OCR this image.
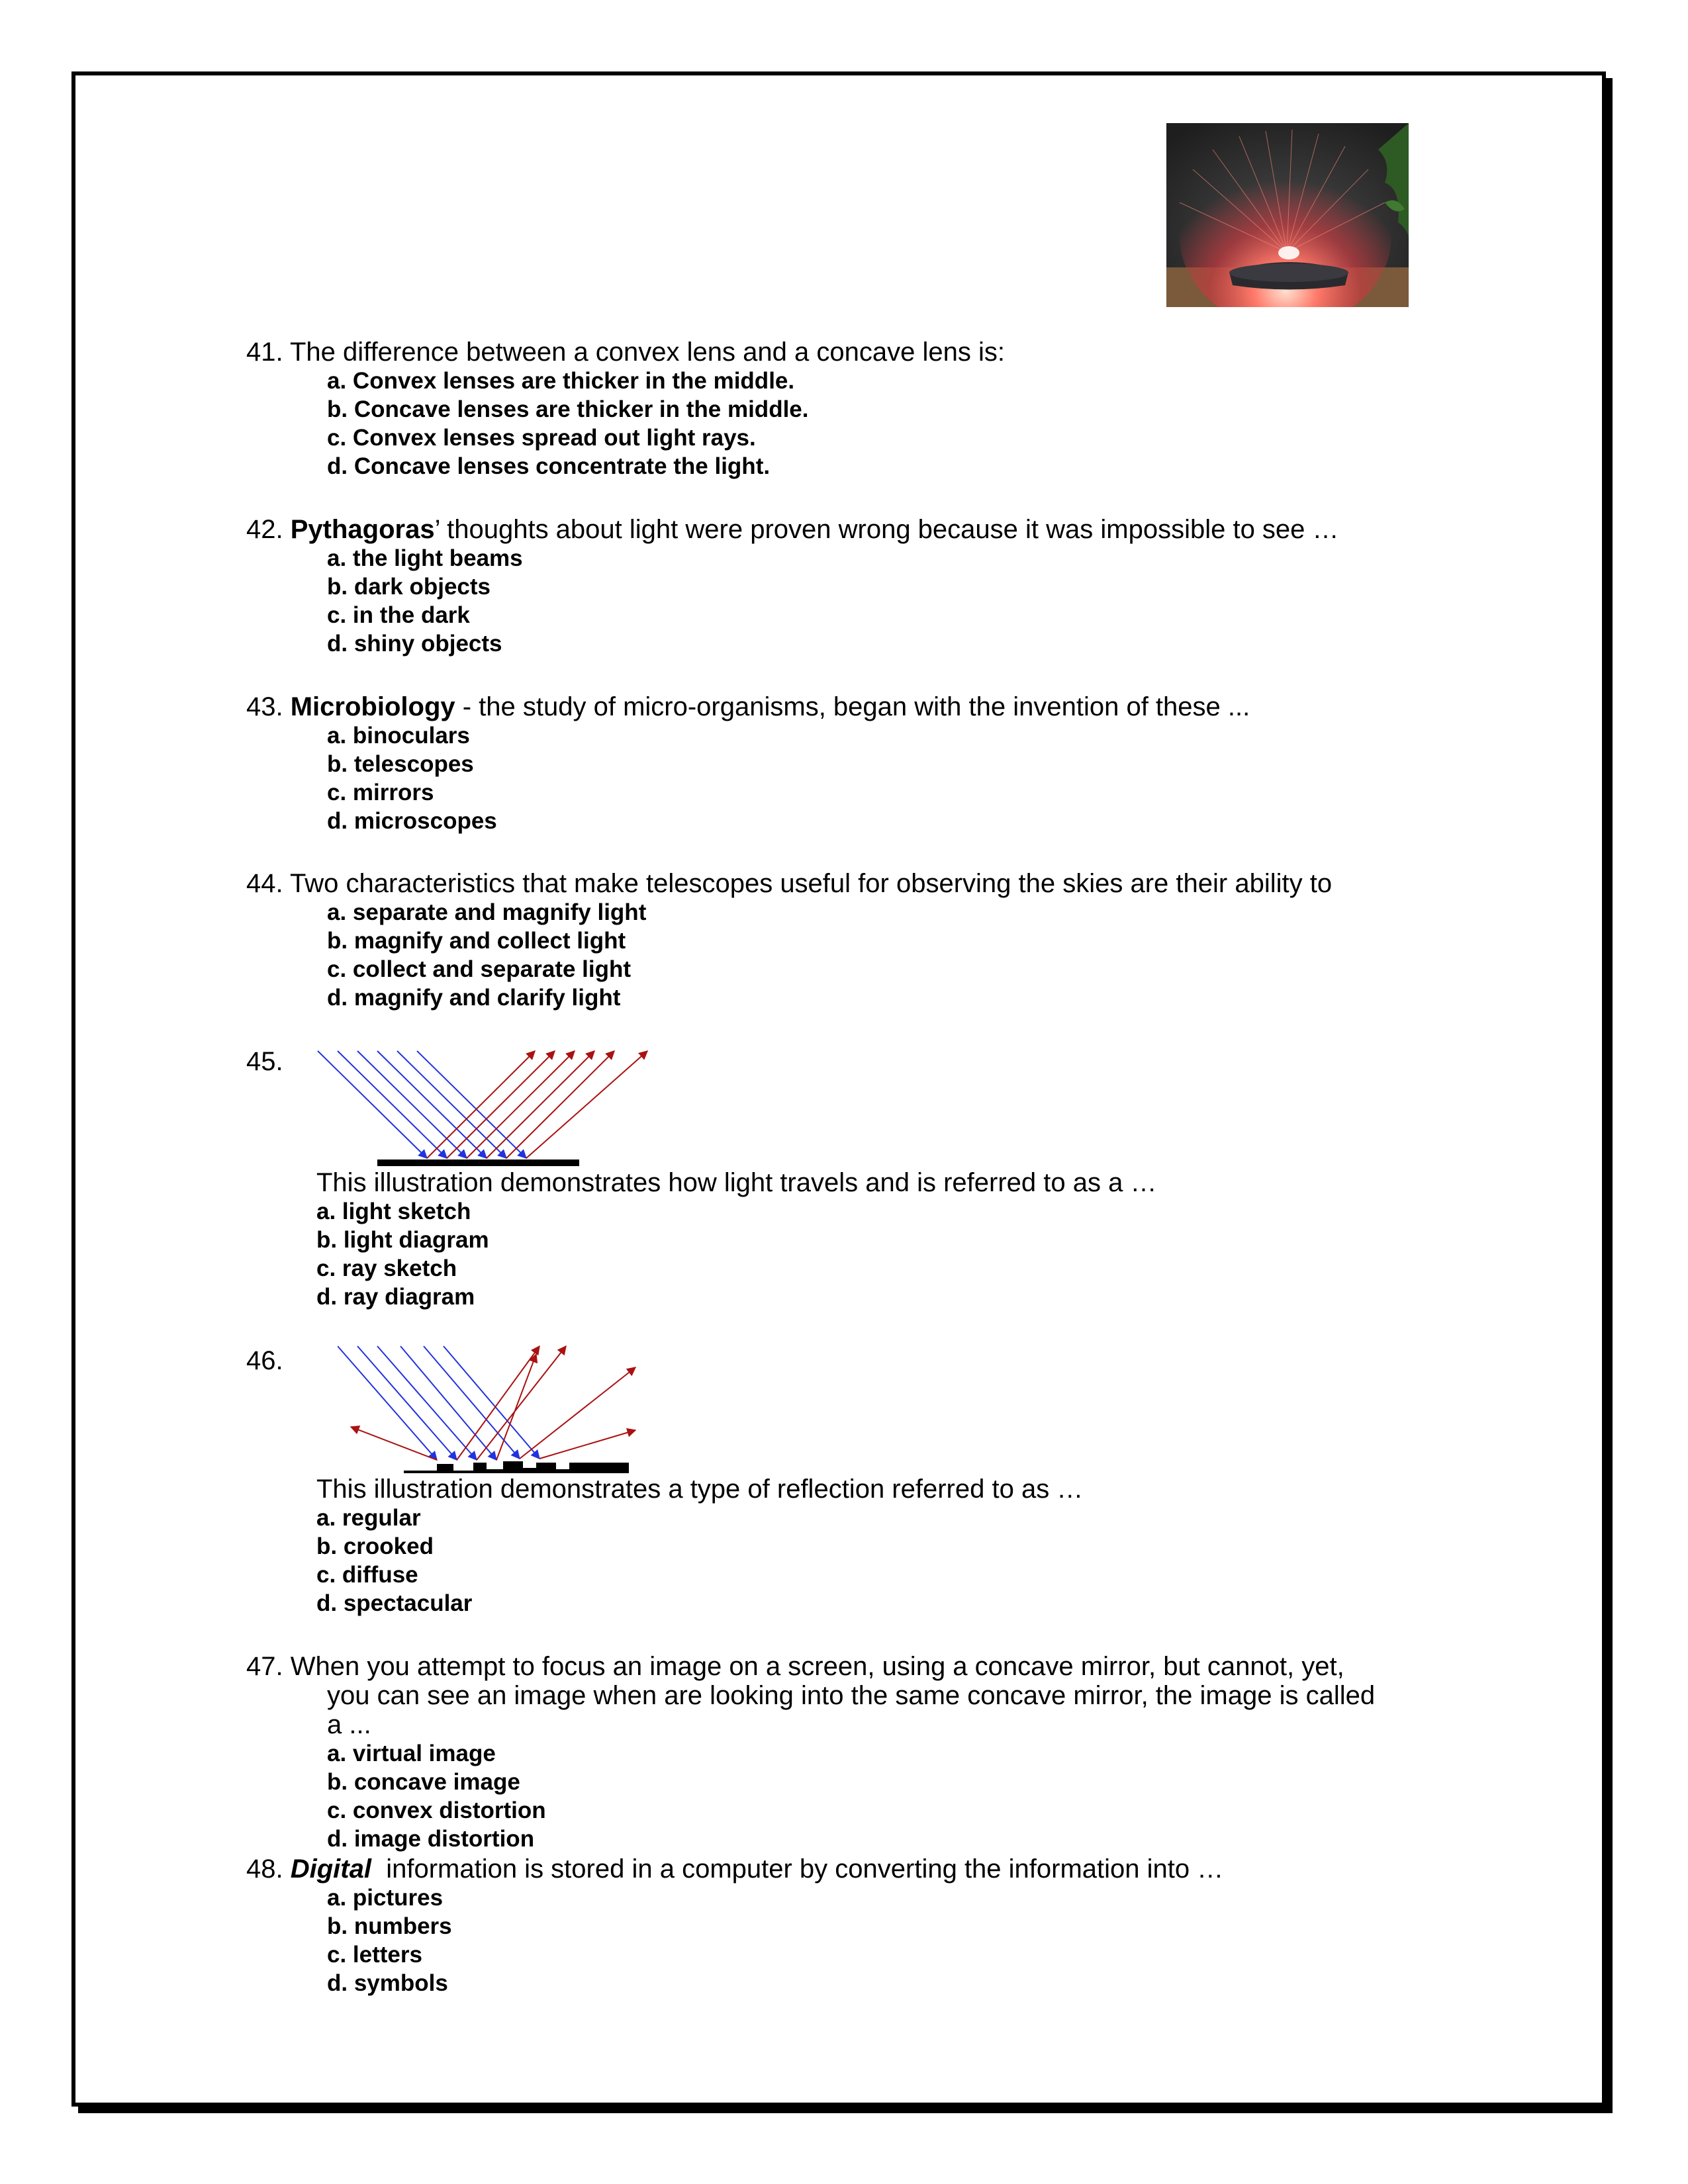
41. The difference between a convex lens and a concave lens is:
a. Convex lenses are thicker in the middle.
b. Concave lenses are thicker in the middle.
c. Convex lenses spread out light rays.
d. Concave lenses concentrate the light.
42. Pythagoras’ thoughts about light were proven wrong because it was impossible to see …
a. the light beams
b. dark objects
c. in the dark
d. shiny objects
43. Microbiology - the study of micro-organisms, began with the invention of these ...
a. binoculars
b. telescopes
c. mirrors
d. microscopes
44. Two characteristics that make telescopes useful for observing the skies are their ability to
a. separate and magnify light
b. magnify and collect light
c. collect and separate light
d. magnify and clarify light
45.
This illustration demonstrates how light travels and is referred to as a …
a. light sketch
b. light diagram
c. ray sketch
d. ray diagram
46.
This illustration demonstrates a type of reflection referred to as …
a. regular
b. crooked
c. diffuse
d. spectacular
47. When you attempt to focus an image on a screen, using a concave mirror, but cannot, yet,
you can see an image when are looking into the same concave mirror, the image is called
a ...
a. virtual image
b. concave image
c. convex distortion
d. image distortion
48. Digital  information is stored in a computer by converting the information into …
a. pictures
b. numbers
c. letters
d. symbols
